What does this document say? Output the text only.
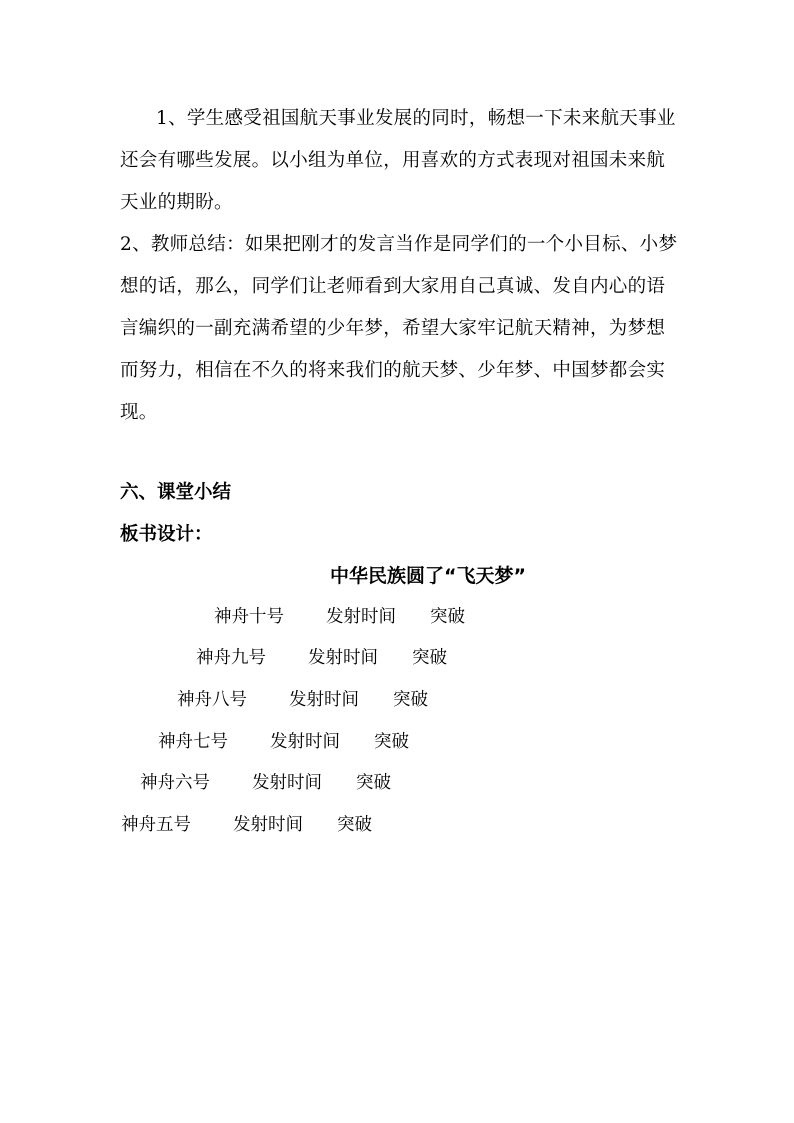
1、学生感受祖国航天事业发展的同时，畅想一下未来航天事业还会有哪些发展。以小组为单位，用喜欢的方式表现对祖国未来航天业的期盼。
2、教师总结：如果把刚才的发言当作是同学们的一个小目标、小梦想的话，那么，同学们让老师看到大家用自己真诚、发自内心的语言编织的一副充满希望的少年梦，希望大家牢记航天精神，为梦想而努力，相信在不久的将来我们的航天梦、少年梦、中国梦都会实现。
六、课堂小结
板书设计：
中华民族圆了“飞天梦”
神舟十号 发射时间 突破
神舟九号 发射时间 突破
神舟八号 发射时间 突破
神舟七号 发射时间 突破
神舟六号 发射时间 突破
神舟五号 发射时间 突破
